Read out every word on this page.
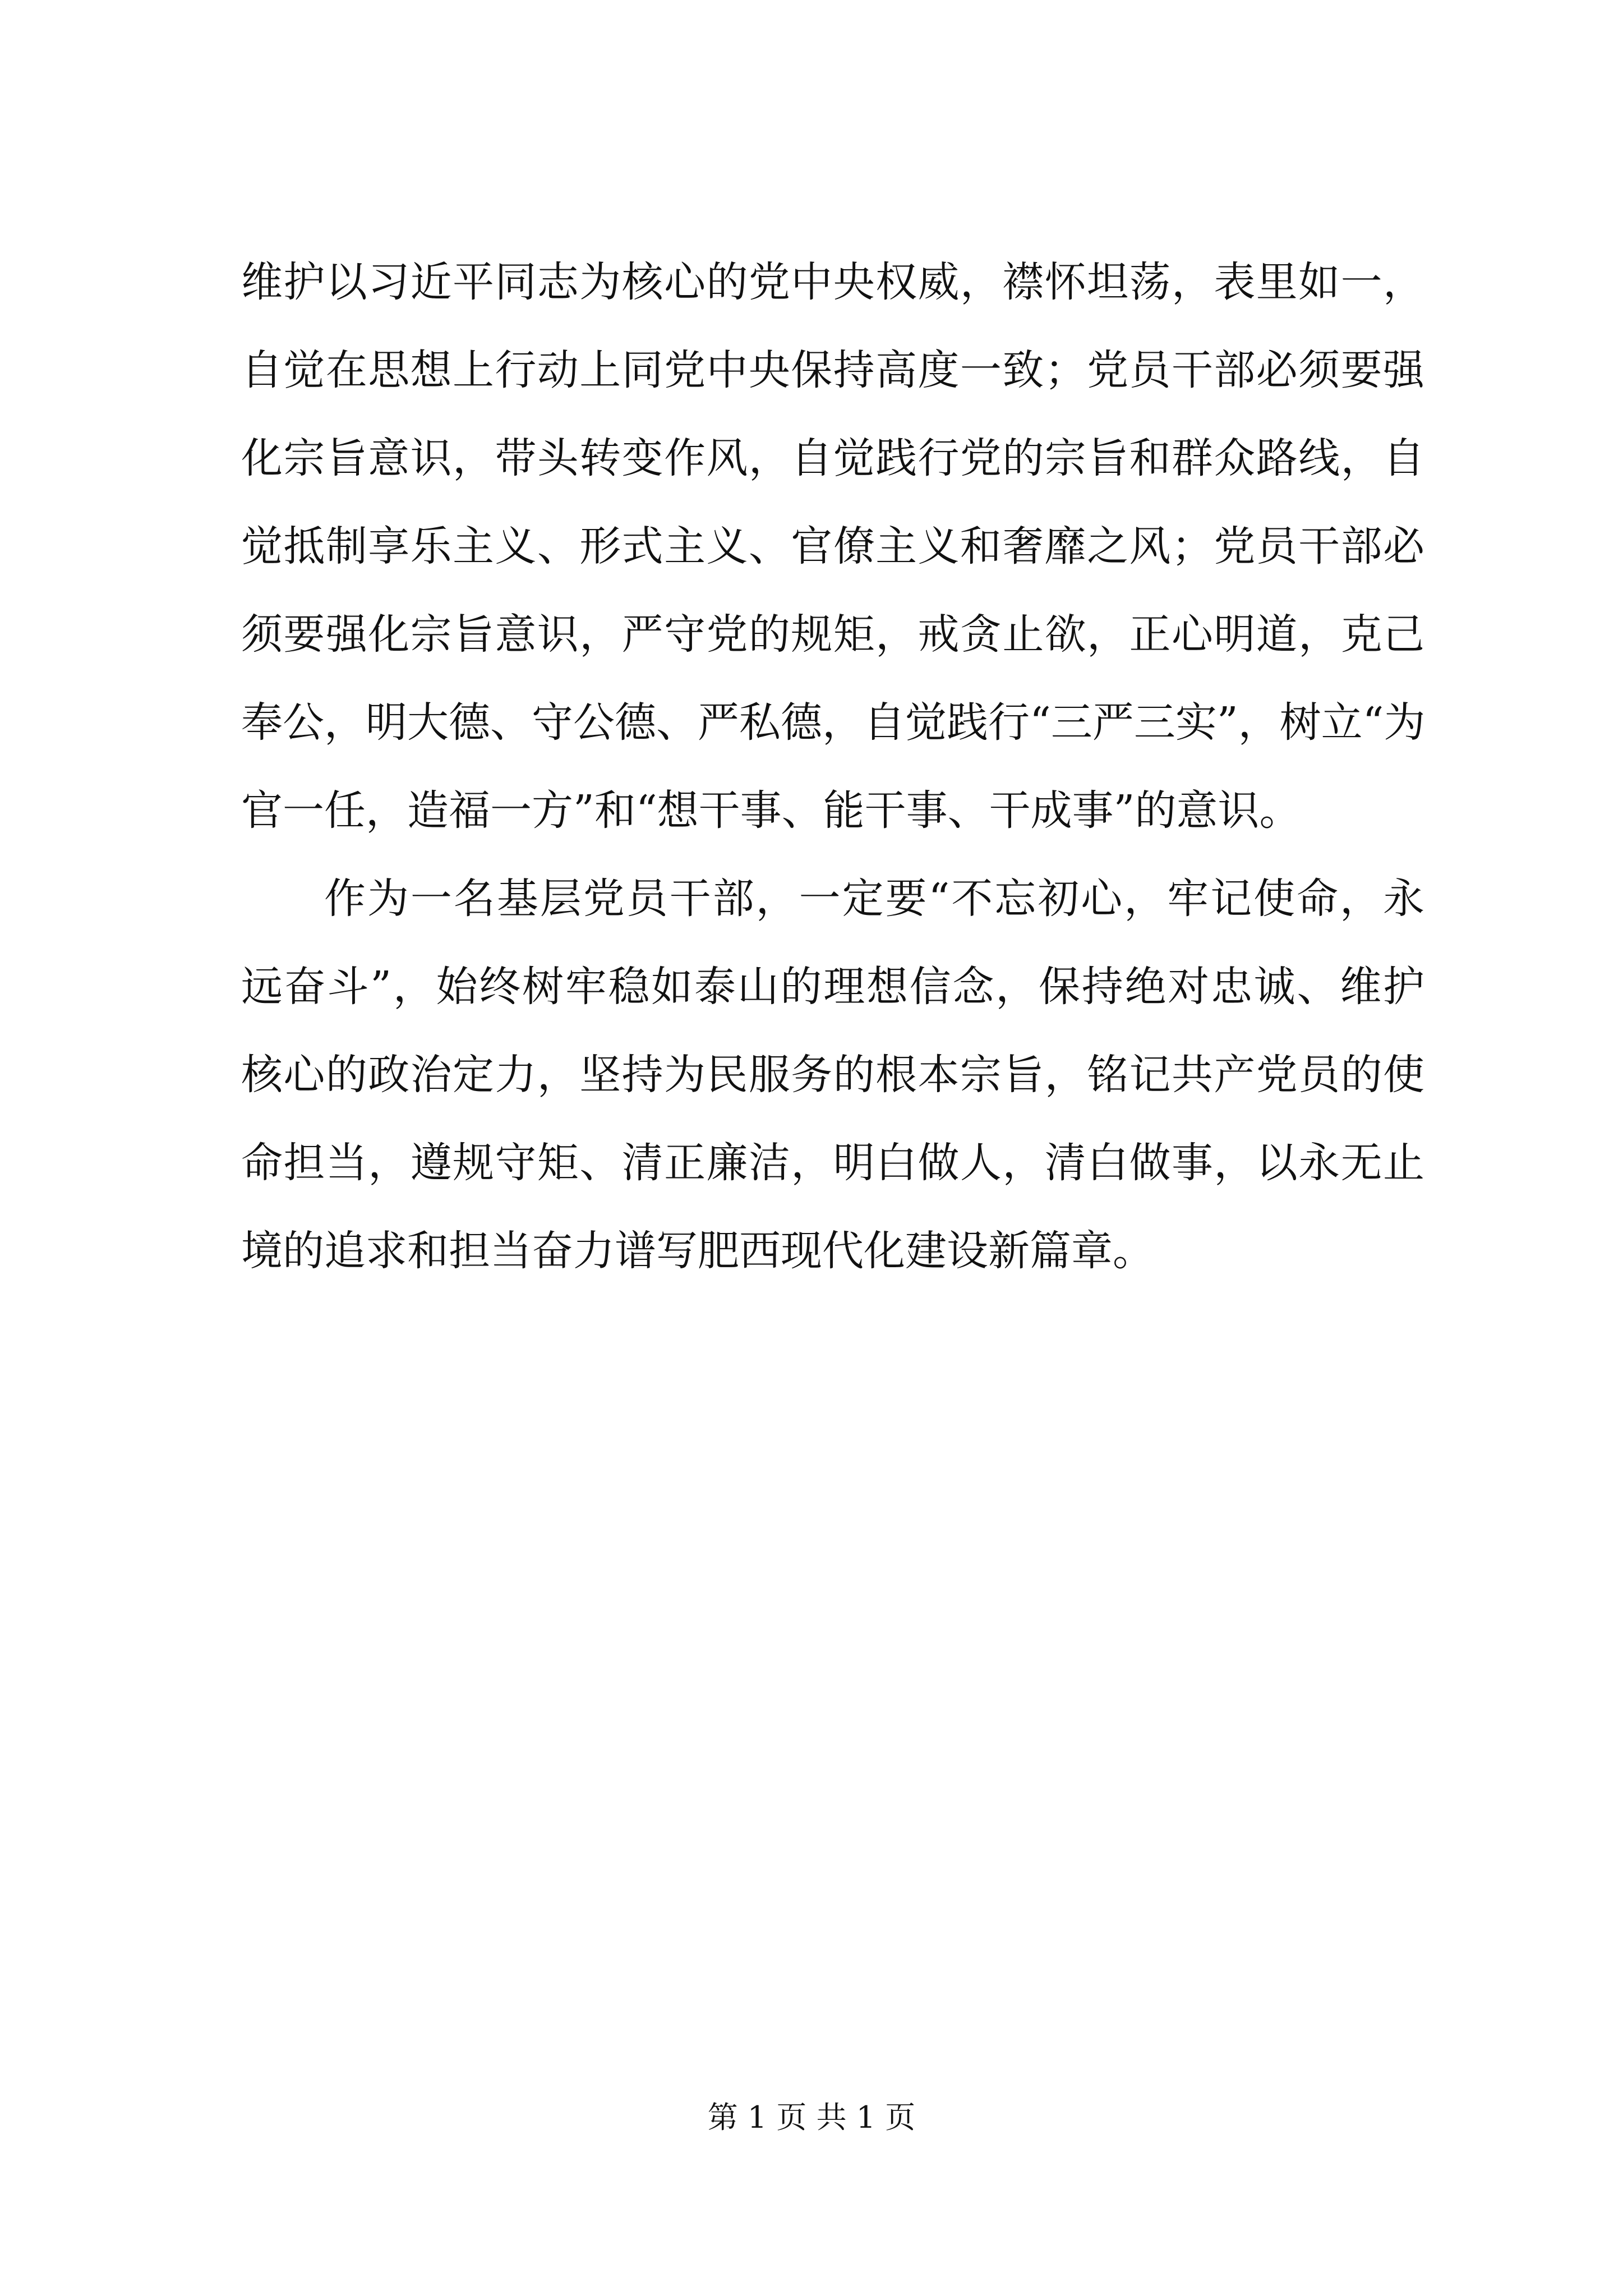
维护以习近平同志为核心的党中央权威，襟怀坦荡，表里如一，
自觉在思想上行动上同党中央保持高度一致；党员干部必须要强
化宗旨意识，带头转变作风，自觉践行党的宗旨和群众路线，自
觉抵制享乐主义、形式主义、官僚主义和奢靡之风；党员干部必
须要强化宗旨意识，严守党的规矩，戒贪止欲，正心明道，克己
奉公，明大德、守公德、严私德，自觉践行“三严三实”，树立“为
官一任，造福一方”和“想干事、能干事、干成事”的意识。
作为一名基层党员干部，一定要“不忘初心，牢记使命，永
远奋斗”，始终树牢稳如泰山的理想信念，保持绝对忠诚、维护
核心的政治定力，坚持为民服务的根本宗旨，铭记共产党员的使
命担当，遵规守矩、清正廉洁，明白做人，清白做事，以永无止
境的追求和担当奋力谱写肥西现代化建设新篇章。
第 1 页 共 1 页
